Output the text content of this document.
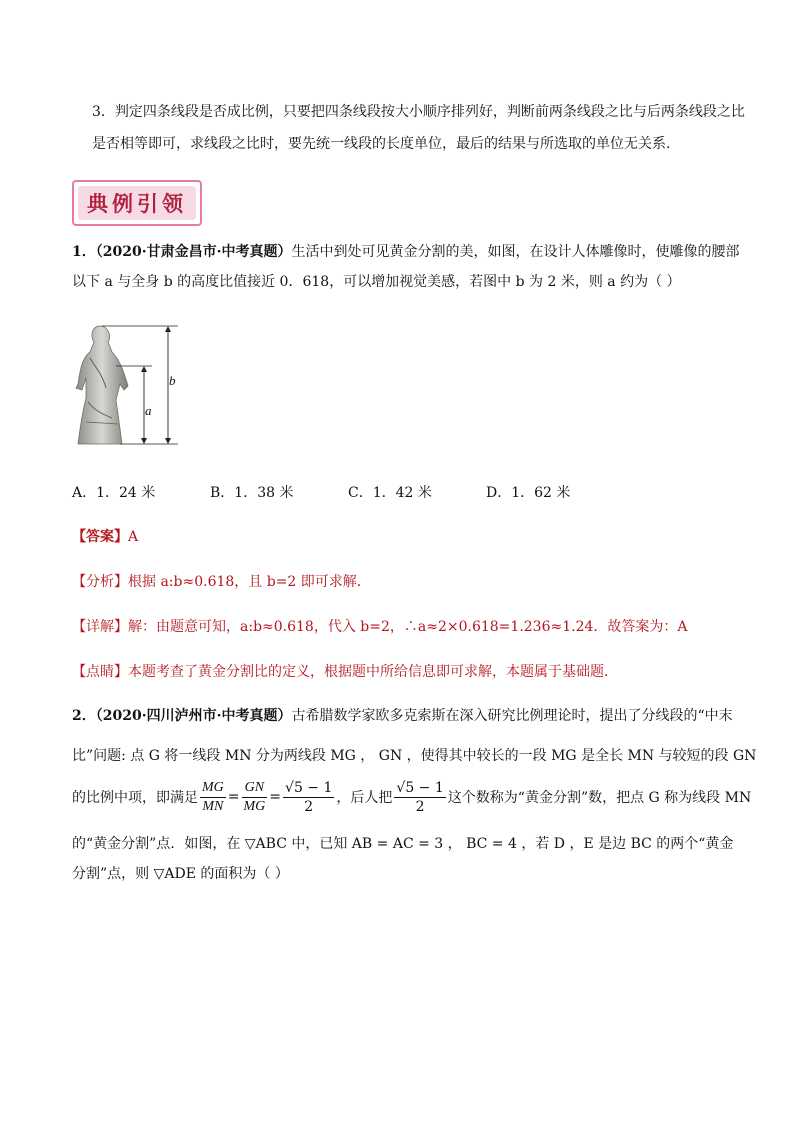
3．判定四条线段是否成比例，只要把四条线段按大小顺序排列好，判断前两条线段之比与后两条线段之比
是否相等即可，求线段之比时，要先统一线段的长度单位，最后的结果与所选取的单位无关系．
典例引领
1．（2020·甘肃金昌市·中考真题）生活中到处可见黄金分割的美，如图，在设计人体雕像时，使雕像的腰部
以下 a 与全身 b 的高度比值接近 0．618，可以增加视觉美感，若图中 b 为 2 米，则 a 约为（ ）
b
a
A．1．24 米	B．1．38 米	C．1．42 米	D．1．62 米
【答案】A
【分析】根据 a:b≈0.618，且 b=2 即可求解．
【详解】解：由题意可知，a:b≈0.618，代入 b=2，∴a≈2×0.618=1.236≈1.24．故答案为：A
【点睛】本题考查了黄金分割比的定义，根据题中所给信息即可求解，本题属于基础题．
2．（2020·四川泸州市·中考真题）古希腊数学家欧多克索斯在深入研究比例理论时，提出了分线段的“中末
比”问题: 点 G 将一线段 MN 分为两线段 MG ， GN ，使得其中较长的一段 MG 是全长 MN 与较短的段 GN
的比例中项，即满足 $\frac{MG}{MN} = \frac{GN}{MG} = \frac{√5 - 1}{2}$ ，后人把 $\frac{√5 - 1}{2}$ 这个数称为“黄金分割”数，把点 G 称为线段 MN
的“黄金分割”点．如图，在 ▽ABC 中，已知 AB = AC = 3 ， BC = 4 ，若 D ，E 是边 BC 的两个“黄金
分割”点，则 ▽ADE 的面积为（ ）
